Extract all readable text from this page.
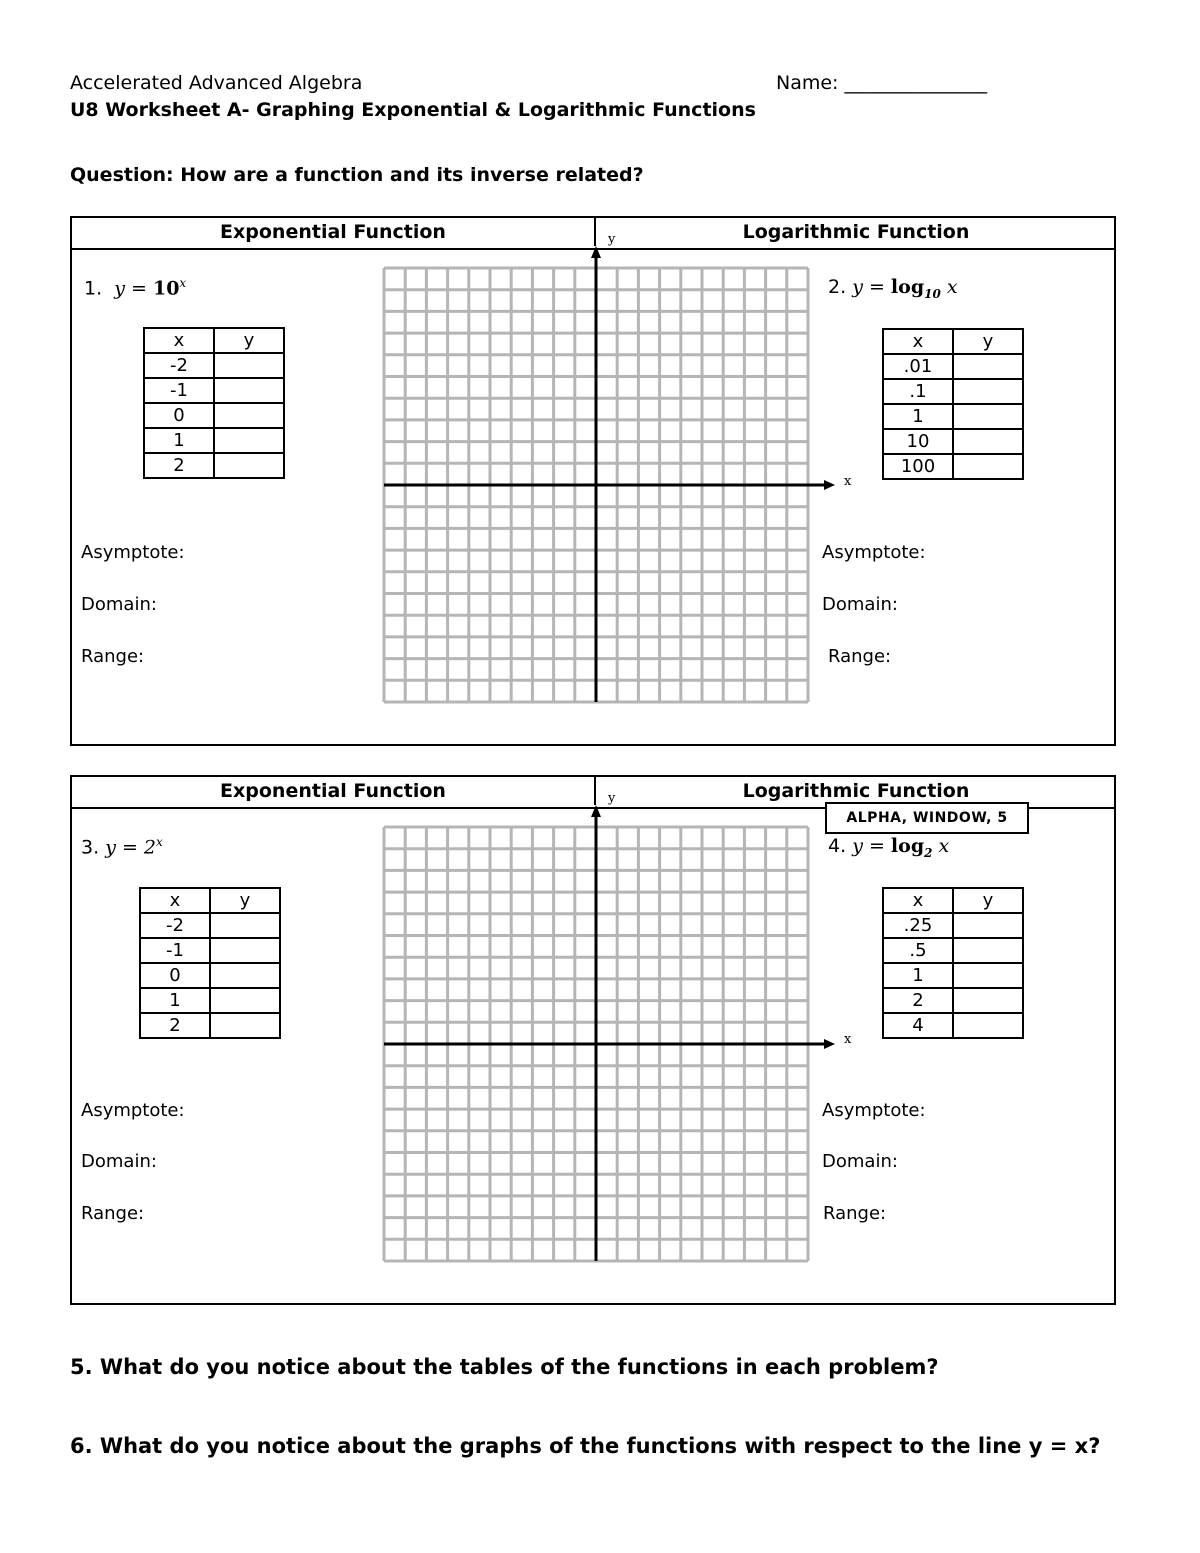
Accelerated Advanced Algebra	Name: _______________
U8 Worksheet A- Graphing Exponential & Logarithmic Functions
Question: How are a function and its inverse related?
Exponential Function	Logarithmic Function
y
x
1. $y = 10^x$	2. $y = \log_{10} x$
x	y
-2	
-1	
0	
1	
2	
x	y
.01	
.1	
1	
10	
100	
Asymptote:
Domain:
Range:
Asymptote:
Domain:
Range:
Exponential Function	Logarithmic Function
y
x
ALPHA, WINDOW, 5
3. $y = 2^x$	4. $y = \log_2 x$
x	y
-2	
-1	
0	
1	
2	
x	y
.25	
.5	
1	
2	
4	
Asymptote:
Domain:
Range:
Asymptote:
Domain:
Range:
5. What do you notice about the tables of the functions in each problem?
6. What do you notice about the graphs of the functions with respect to the line y = x?
